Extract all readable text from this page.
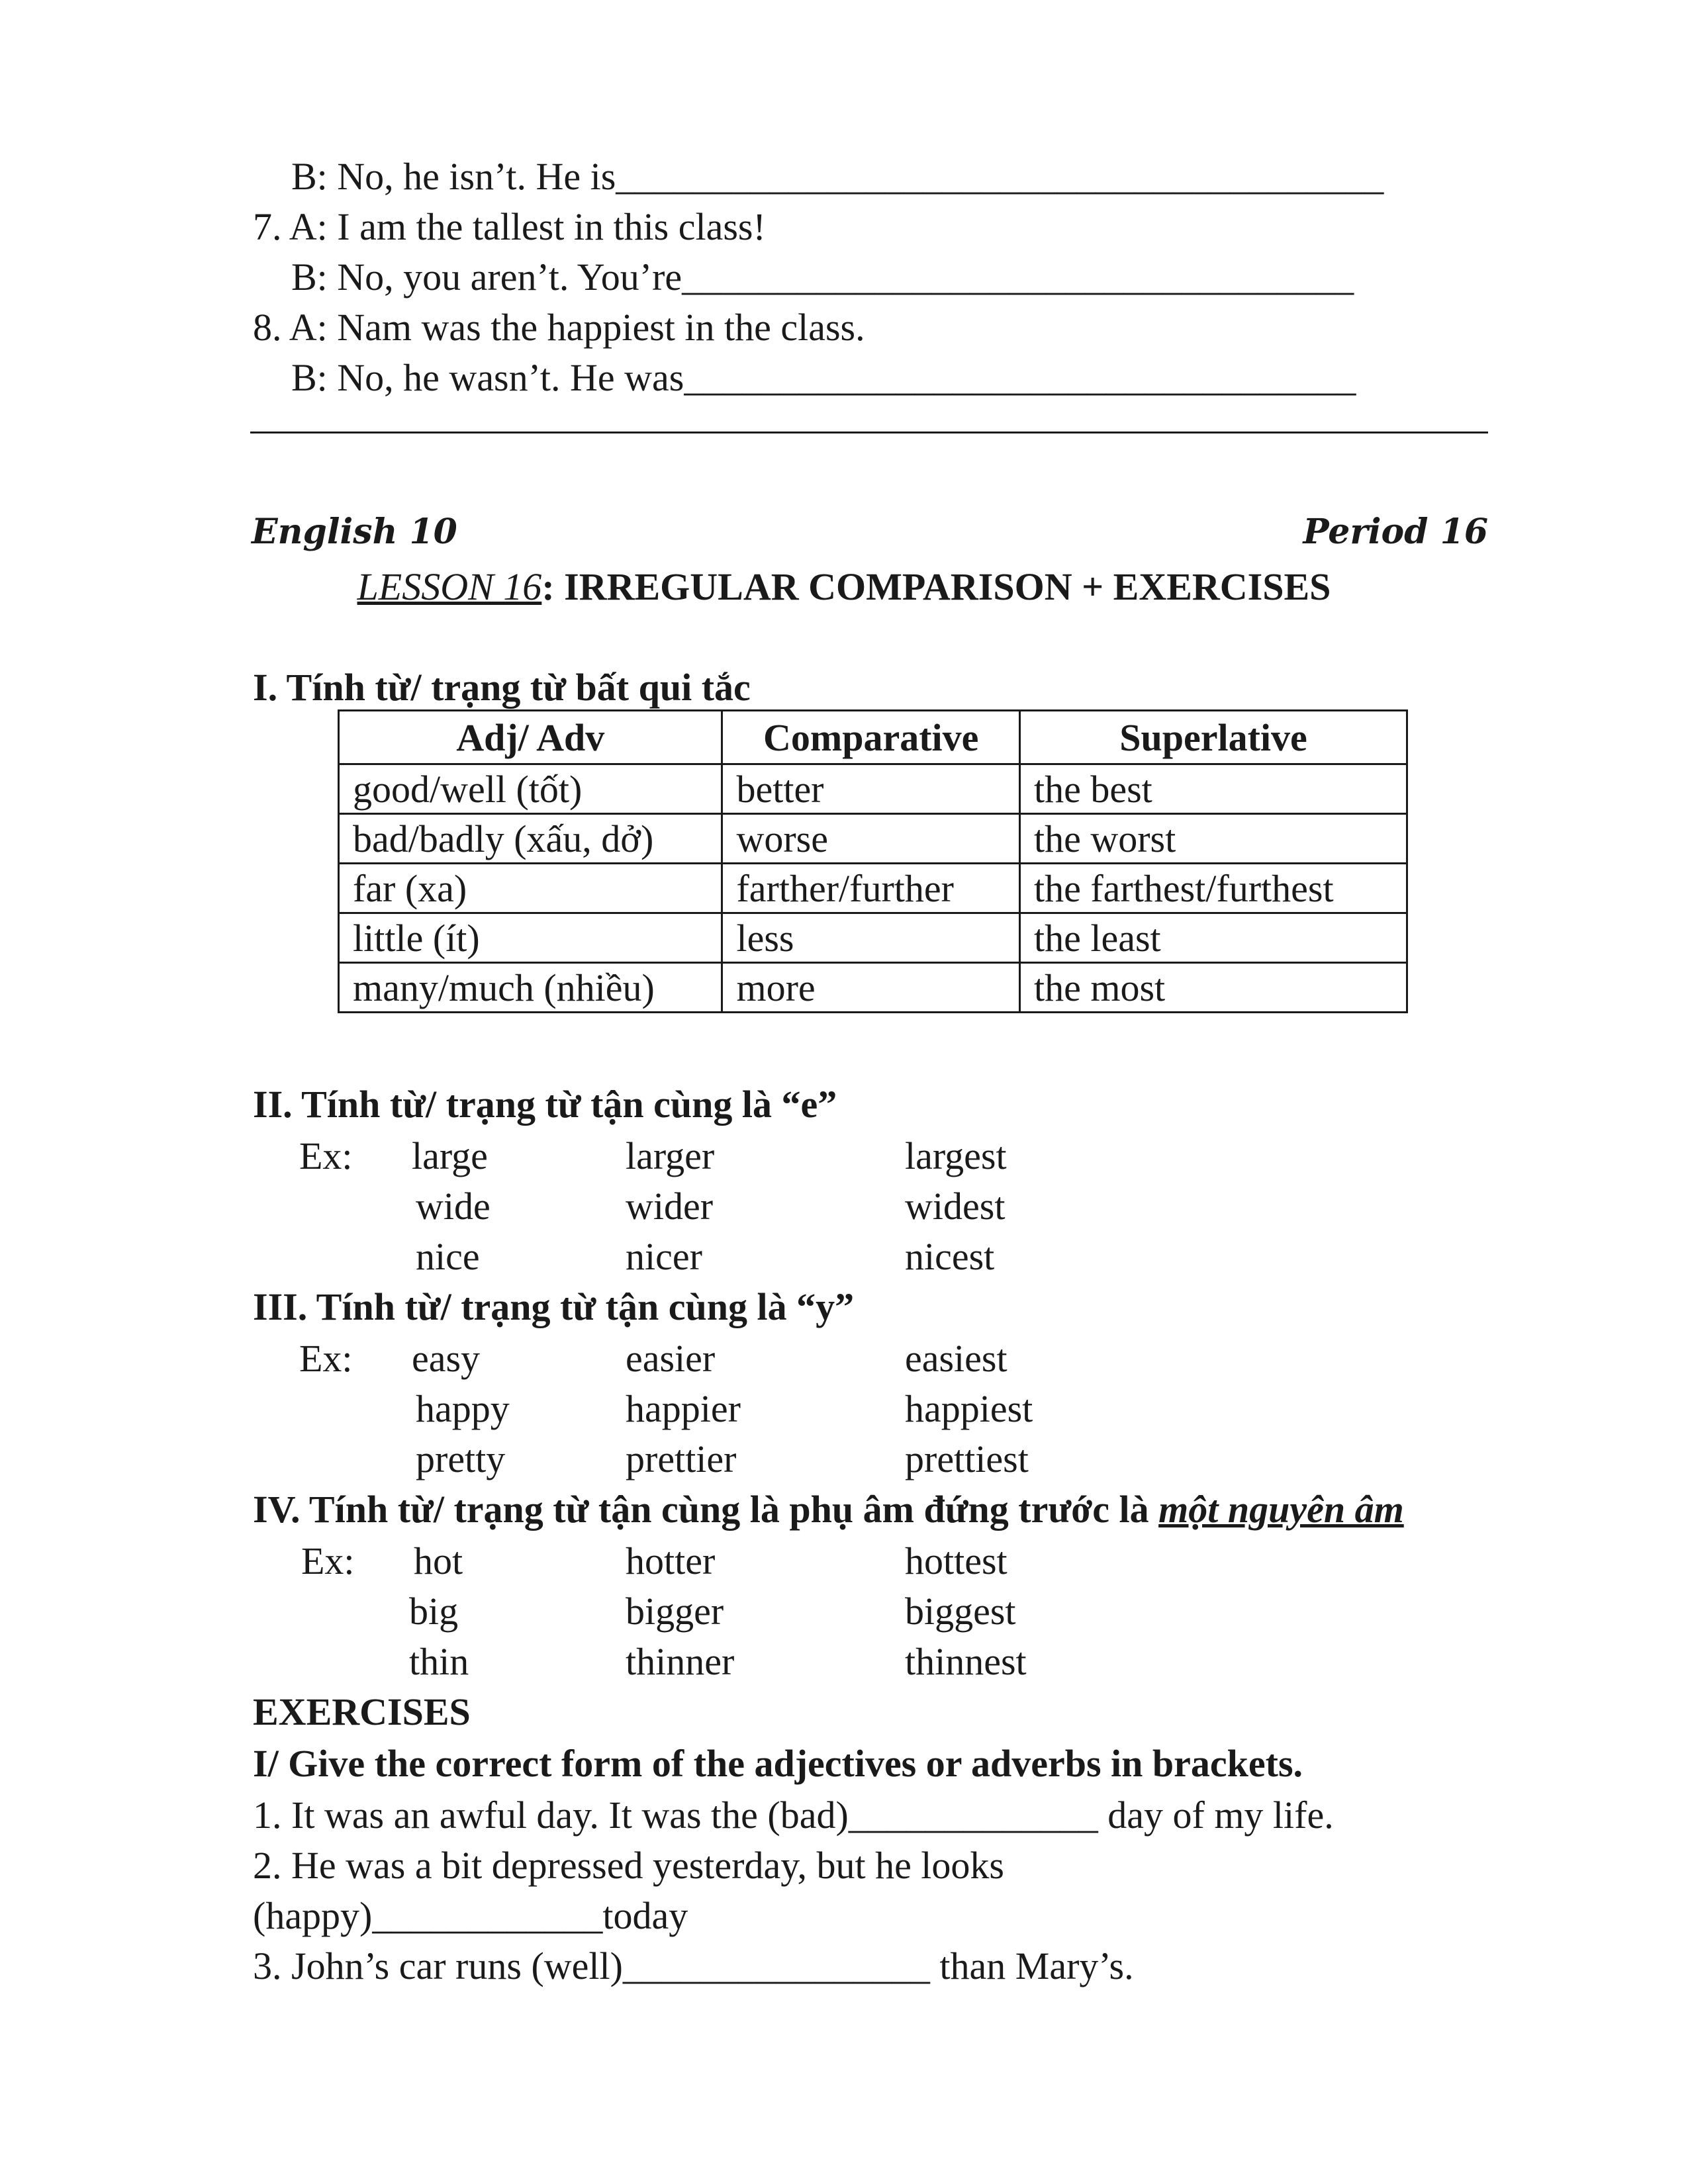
B: No, he isn’t. He is________________________________________
7. A: I am the tallest in this class!
B: No, you aren’t. You’re___________________________________
8. A: Nam was the happiest in the class.
B: No, he wasn’t. He was___________________________________
English 10	Period 16
LESSON 16: IRREGULAR COMPARISON + EXERCISES
I. Tính từ/ trạng từ bất qui tắc
Adj/ Adv	Comparative	Superlative
good/well (tốt)	better	the best
bad/badly (xấu, dở)	worse	the worst
far (xa)	farther/further	the farthest/furthest
little (ít)	less	the least
many/much (nhiều)	more	the most
II. Tính từ/ trạng từ tận cùng là “e”
Ex: large	larger	largest
wide	wider	widest
nice	nicer	nicest
III. Tính từ/ trạng từ tận cùng là “y”
Ex: easy	easier	easiest
happy	happier	happiest
pretty	prettier	prettiest
IV. Tính từ/ trạng từ tận cùng là phụ âm đứng trước là một nguyên âm
Ex: hot	hotter	hottest
big	bigger	biggest
thin	thinner	thinnest
EXERCISES
I/ Give the correct form of the adjectives or adverbs in brackets.
1. It was an awful day. It was the (bad)_____________ day of my life.
2. He was a bit depressed yesterday, but he looks
(happy)____________today
3. John’s car runs (well)________________ than Mary’s.
